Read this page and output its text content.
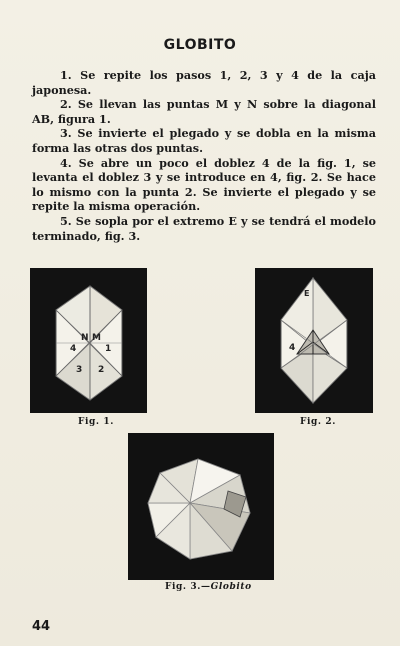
GLOBITO

1. Se repite los pasos 1, 2, 3 y 4 de la caja japonesa.

2. Se llevan las puntas M y N sobre la diagonal AB, figura 1.

3. Se invierte el plegado y se dobla en la misma forma las otras dos puntas.

4. Se abre un poco el doblez 4 de la fig. 1, se levanta el doblez 3 y se introduce en 4, fig. 2. Se hace lo mismo con la punta 2. Se invierte el plegado y se repite la misma operación.

5. Se sopla por el extremo E y se tendrá el modelo terminado, fig. 3.

N M
4	1
3 2
Fig. 1.
E
4
Fig. 2.
Fig. 3.—Globito
44
